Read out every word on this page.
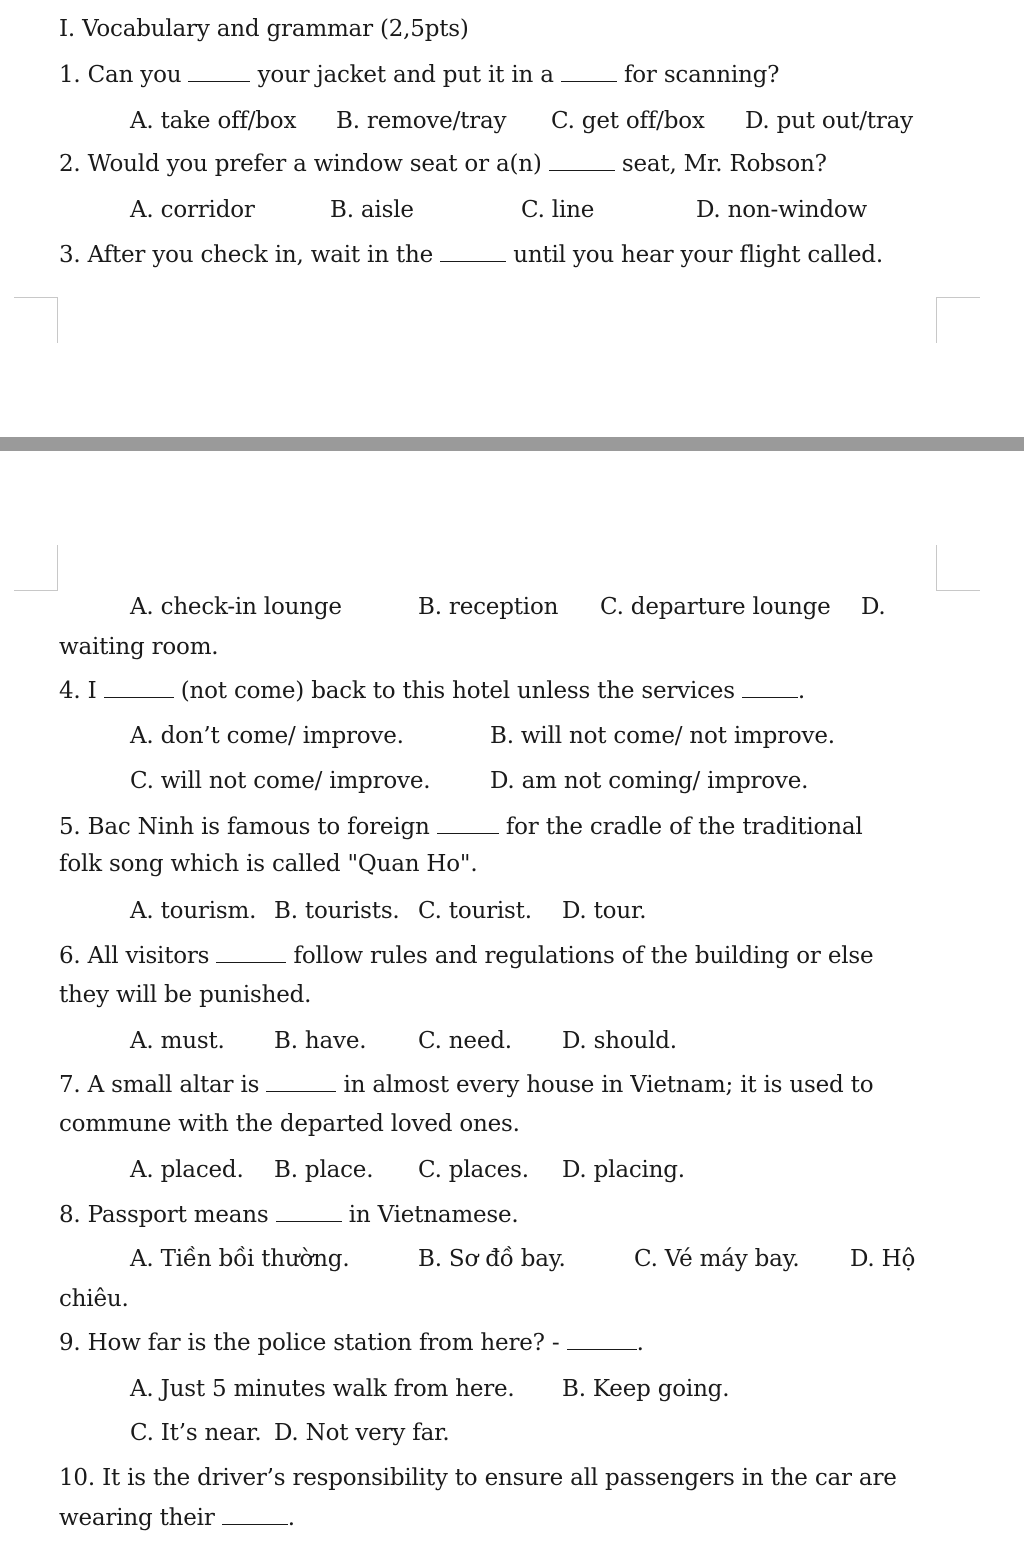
I. Vocabulary and grammar (2,5pts)
1. Can you	your jacket and put it in a  for scanning?
A. take off/box B. remove/tray C. get off/box D. put out/tray
2. Would you prefer a window seat or a(n)	seat, Mr. Robson?
A. corridor	B. aisle	C. line	D. non-window
3. After you check in, wait in the	until you hear your flight called.
A. check-in lounge	B. reception C. departure lounge D.
waiting room.
4. I	(not come) back to this hotel unless the services .
A. don’t come/ improve.	B. will not come/ not improve.
C. will not come/ improve.	D. am not coming/ improve.
5. Bac Ninh is famous to foreign	for the cradle of the traditional
folk song which is called "Quan Ho".
A. tourism. B. tourists. C. tourist. D. tour.
6. All visitors	follow rules and regulations of the building or else
they will be punished.
A. must. B. have. C. need. D. should.
7. A small altar is	in almost every house in Vietnam; it is used to
commune with the departed loved ones.
A. placed. B. place. C. places. D. placing.
8. Passport means	in Vietnamese.
A. Tiền bồi thường.	B. Sơ đồ bay.	C. Vé máy bay. D. Hộ
chiêu.
9. How far is the police station from here? -	.
A. Just 5 minutes walk from here. B. Keep going.
C. It’s near. D. Not very far.
10. It is the driver’s responsibility to ensure all passengers in the car are
wearing their	.
